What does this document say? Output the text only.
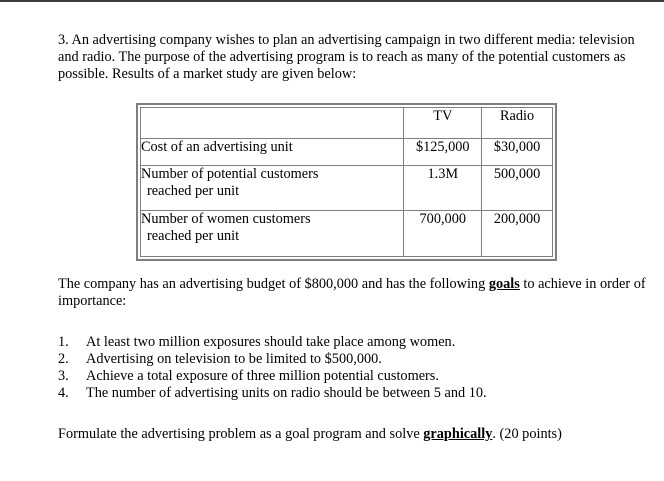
3. An advertising company wishes to plan an advertising campaign in two different media: television and radio. The purpose of the advertising program is to reach as many of the potential customers as possible. Results of a market study are given below:

	TV	Radio
Cost of an advertising unit	$125,000	$30,000
Number of potential customers
reached per unit	1.3M	500,000
Number of women customers
reached per unit	700,000	200,000

The company has an advertising budget of $800,000 and has the following goals to achieve in order of importance:

1.	At least two million exposures should take place among women.
2.	Advertising on television to be limited to $500,000.
3.	Achieve a total exposure of three million potential customers.
4.	The number of advertising units on radio should be between 5 and 10.

Formulate the advertising problem as a goal program and solve graphically. (20 points)
